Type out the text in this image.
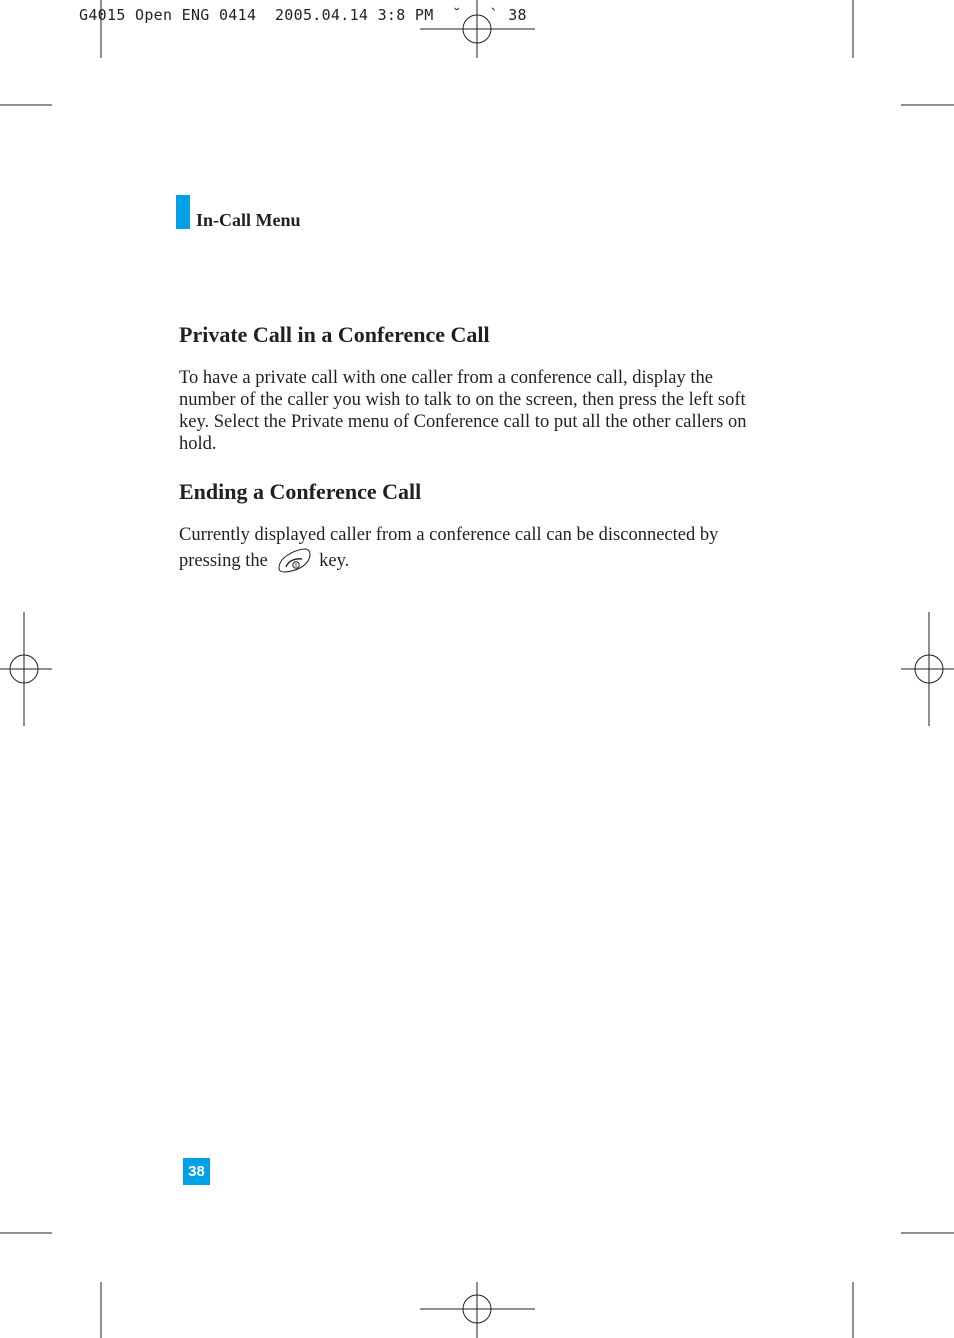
G4015 Open ENG 0414  2005.04.14 3:8 PM  ˘   ` 38
In-Call Menu
Private Call in a Conference Call

To have a private call with one caller from a conference call, display the number of the caller you wish to talk to on the screen, then press the left soft key. Select the Private menu of Conference call to put all the other callers on hold.

Ending a Conference Call

Currently displayed caller from a conference call can be disconnected by pressing the	key.

38
